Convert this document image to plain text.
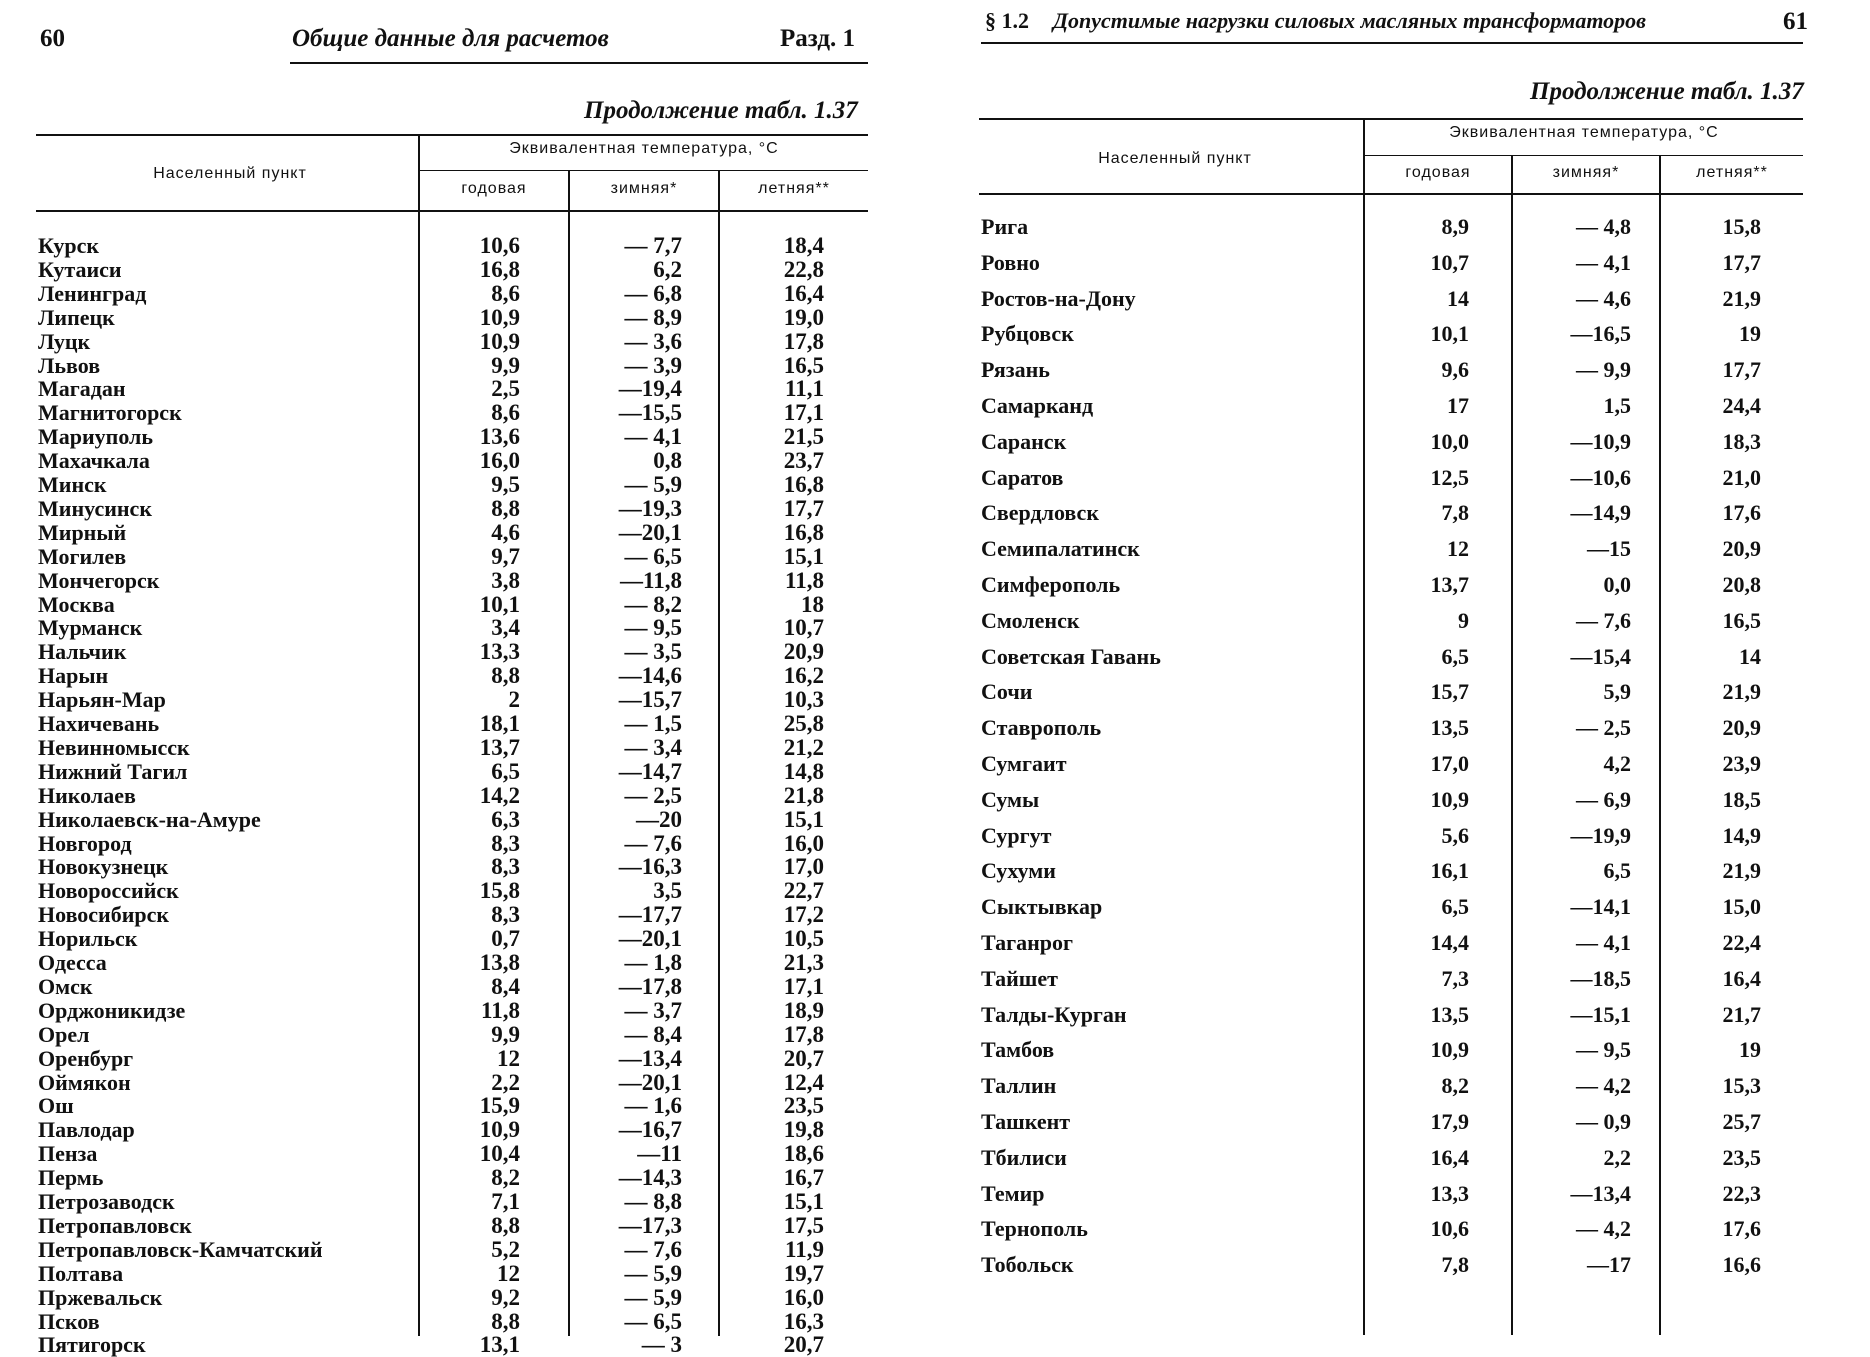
60	Общие данные для расчетов	Разд. 1
Продолжение табл. 1.37
Населенный пункт
Эквивалентная температура, °С
годовая	зимняя*	летняя**
Курск	10,6	— 7,7	18,4
Кутаиси	16,8	6,2	22,8
Ленинград	8,6	— 6,8	16,4
Липецк	10,9	— 8,9	19,0
Луцк	10,9	— 3,6	17,8
Львов	9,9	— 3,9	16,5
Магадан	2,5	—19,4	11,1
Магнитогорск	8,6	—15,5	17,1
Мариуполь	13,6	— 4,1	21,5
Махачкала	16,0	0,8	23,7
Минск	9,5	— 5,9	16,8
Минусинск	8,8	—19,3	17,7
Мирный	4,6	—20,1	16,8
Могилев	9,7	— 6,5	15,1
Мончегорск	3,8	—11,8	11,8
Москва	10,1	— 8,2	18
Мурманск	3,4	— 9,5	10,7
Нальчик	13,3	— 3,5	20,9
Нарын	8,8	—14,6	16,2
Нарьян-Мар	2	—15,7	10,3
Нахичевань	18,1	— 1,5	25,8
Невинномысск	13,7	— 3,4	21,2
Нижний Тагил	6,5	—14,7	14,8
Николаев	14,2	— 2,5	21,8
Николаевск-на-Амуре	6,3	—20	15,1
Новгород	8,3	— 7,6	16,0
Новокузнецк	8,3	—16,3	17,0
Новороссийск	15,8	3,5	22,7
Новосибирск	8,3	—17,7	17,2
Норильск	0,7	—20,1	10,5
Одесса	13,8	— 1,8	21,3
Омск	8,4	—17,8	17,1
Орджоникидзе	11,8	— 3,7	18,9
Орел	9,9	— 8,4	17,8
Оренбург	12	—13,4	20,7
Оймякон	2,2	—20,1	12,4
Ош	15,9	— 1,6	23,5
Павлодар	10,9	—16,7	19,8
Пенза	10,4	—11	18,6
Пермь	8,2	—14,3	16,7
Петрозаводск	7,1	— 8,8	15,1
Петропавловск	8,8	—17,3	17,5
Петропавловск-Камчатский	5,2	— 7,6	11,9
Полтава	12	— 5,9	19,7
Пржевальск	9,2	— 5,9	16,0
Псков	8,8	— 6,5	16,3
Пятигорск	13,1	— 3	20,7
§ 1.2 Допустимые нагрузки силовых масляных трансформаторов	61
Продолжение табл. 1.37
Населенный пункт
Эквивалентная температура, °С
годовая	зимняя*	летняя**
Рига	8,9	— 4,8	15,8
Ровно	10,7	— 4,1	17,7
Ростов-на-Дону	14	— 4,6	21,9
Рубцовск	10,1	—16,5	19
Рязань	9,6	— 9,9	17,7
Самарканд	17	1,5	24,4
Саранск	10,0	—10,9	18,3
Саратов	12,5	—10,6	21,0
Свердловск	7,8	—14,9	17,6
Семипалатинск	12	—15	20,9
Симферополь	13,7	0,0	20,8
Смоленск	9	— 7,6	16,5
Советская Гавань	6,5	—15,4	14
Сочи	15,7	5,9	21,9
Ставрополь	13,5	— 2,5	20,9
Сумгаит	17,0	4,2	23,9
Сумы	10,9	— 6,9	18,5
Сургут	5,6	—19,9	14,9
Сухуми	16,1	6,5	21,9
Сыктывкар	6,5	—14,1	15,0
Таганрог	14,4	— 4,1	22,4
Тайшет	7,3	—18,5	16,4
Талды-Курган	13,5	—15,1	21,7
Тамбов	10,9	— 9,5	19
Таллин	8,2	— 4,2	15,3
Ташкент	17,9	— 0,9	25,7
Тбилиси	16,4	2,2	23,5
Темир	13,3	—13,4	22,3
Тернополь	10,6	— 4,2	17,6
Тобольск	7,8	—17	16,6
